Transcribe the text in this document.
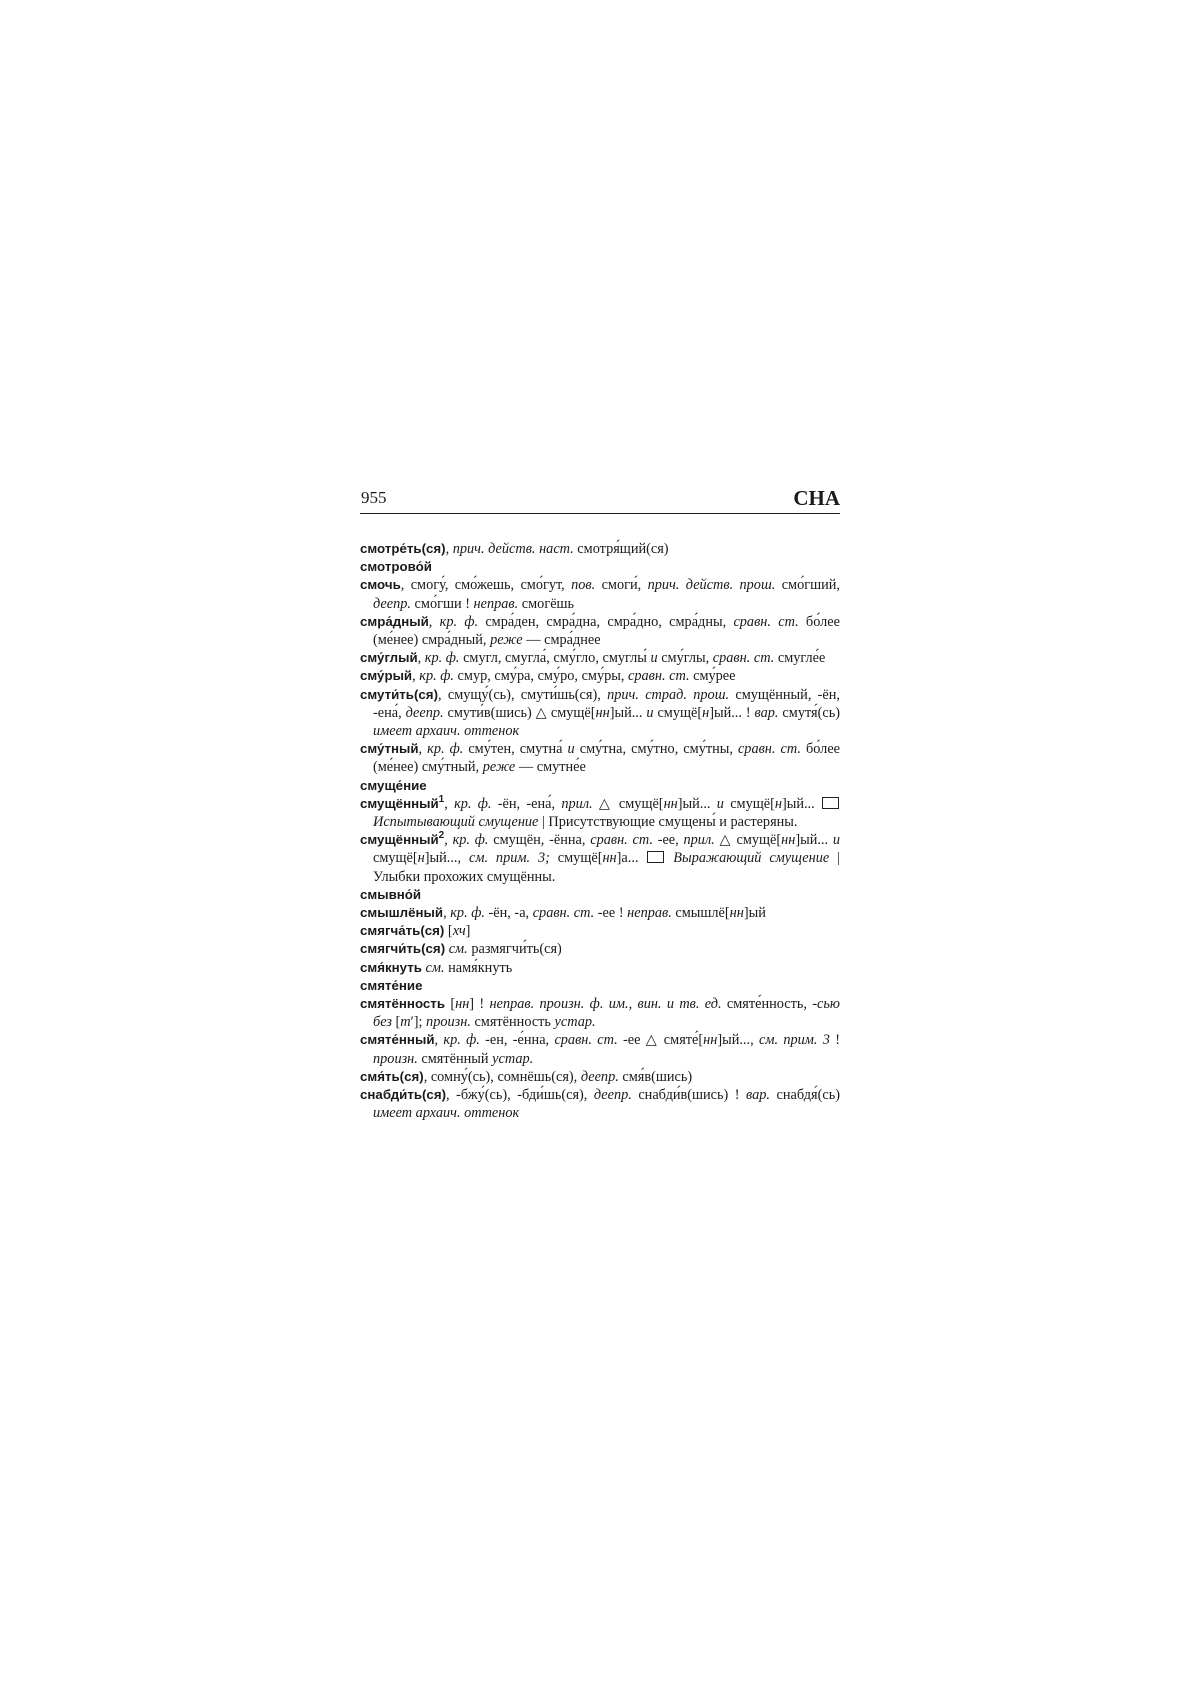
955	СНА

смотре́ть(ся), прич. действ. наст. смотря́щий(ся)

смотрово́й

смочь, смогу́, смо́жешь, смо́гут, пов. смоги́, прич. действ. прош. смо́гший, деепр. смо́гши ! неправ. смогёшь

смра́дный, кр. ф. смра́ден, смра́дна, смра́дно, смра́дны, сравн. ст. бо́лее (ме́нее) смра́дный, реже — смра́днее

сму́глый, кр. ф. смугл, смугла́, сму́гло, смуглы́ и сму́глы, сравн. ст. смугле́е

сму́рый, кр. ф. смур, сму́ра, сму́ро, сму́ры, сравн. ст. сму́рее

смути́ть(ся), смущу́(сь), смути́шь(ся), прич. страд. прош. смущённый, -ён, -ена́, деепр. смути́в(шись) △ смущё[нн]ый... и смущё[н]ый... ! вар. смутя́(сь) имеет архаич. оттенок

сму́тный, кр. ф. сму́тен, смутна́ и сму́тна, сму́тно, сму́тны, сравн. ст. бо́лее (ме́нее) сму́тный, реже — смутне́е

смуще́ние

смущённый$^1$, кр. ф. -ён, -ена́, прил. △ смущё[нн]ый... и смущё[н]ый...  Испытывающий смущение | Присутствующие смущены́ и растеряны.

смущённый$^2$, кр. ф. смущён, -ённа, сравн. ст. -ее, прил. △ смущё[нн]ый... и смущё[н]ый..., см. прим. 3; смущё[нн]а...  Выражающий смущение | Улыбки прохожих смущённы.

смывно́й

смышлёный, кр. ф. -ён, -а, сравн. ст. -ее ! неправ. смышлё[нн]ый

смягча́ть(ся) [хч]

смягчи́ть(ся) см. размягчи́ть(ся)

смя́кнуть см. намя́кнуть

смяте́ние

смятённость [нн] ! неправ. произн. ф. им., вин. и тв. ед. смяте́нность, -сью без [тʹ]; произн. смятённость устар.

смяте́нный, кр. ф. -ен, -е́нна, сравн. ст. -ее △ смяте́[нн]ый..., см. прим. 3 ! произн. смятённый устар.

смя́ть(ся), сомну́(сь), сомнёшь(ся), деепр. смя́в(шись)

снабди́ть(ся), -бжу́(сь), -бди́шь(ся), деепр. снабди́в(шись) ! вар. снабдя́(сь) имеет архаич. оттенок
